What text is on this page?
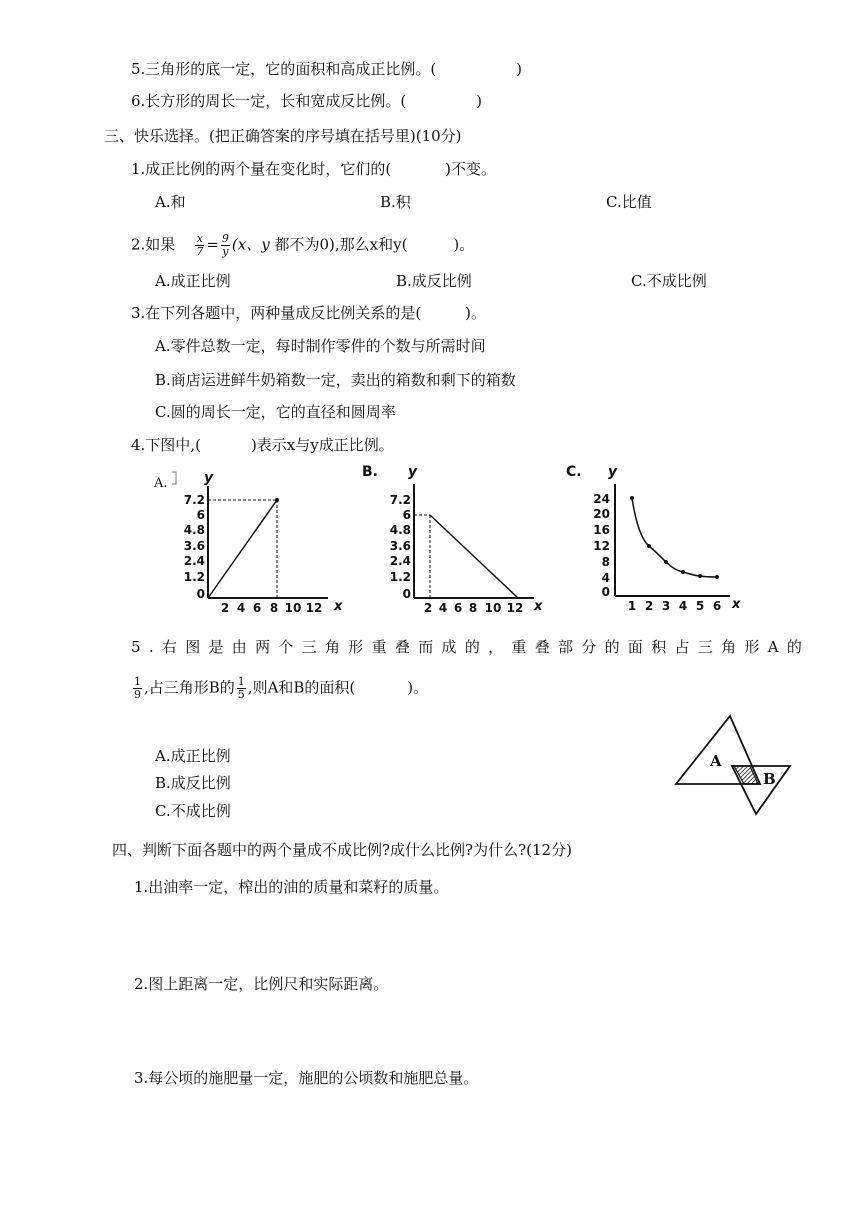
5.三角形的底一定，它的面积和高成正比例。(	)
6.长方形的周长一定，长和宽成反比例。(	)
三、快乐选择。(把正确答案的序号填在括号里)(10分)
1.成正比例的两个量在变化时，它们的(	)不变。
A.和	B.积	C.比值
2.如果 $\frac{x}{7} = \frac{9}{y} (x$、y 都不为0),那么x和y(	)。
A.成正比例	B.成反比例	C.不成比例
3.在下列各题中，两种量成反比例关系的是(	)。
A.零件总数一定，每时制作零件的个数与所需时间
B.商店运进鲜牛奶箱数一定，卖出的箱数和剩下的箱数
C.圆的周长一定，它的直径和圆周率
4.下图中,(	)表示x与y成正比例。
A.	y
7.2
6
4.8
3.6
2.4
1.2
0
2 4 6 8 10 12 x
B. y
7.2
6
4.8
3.6
2.4
1.2
0
2 4 6 8 10 12 x
C. y
24
20
16
12
8
4
0
1 2 3 4 5 6 x
5.右图是由两个三角形重叠而成的，重叠部分的面积占三角形A的
$\frac{1}{9}$ ,占三角形B的 $\frac{1}{5}$ ,则A和B的面积(	)。
A.成正比例
B.成反比例
C.不成比例
A
B
四、判断下面各题中的两个量成不成比例?成什么比例?为什么?(12分)
1.出油率一定，榨出的油的质量和菜籽的质量。
2.图上距离一定，比例尺和实际距离。
3.每公顷的施肥量一定，施肥的公顷数和施肥总量。
